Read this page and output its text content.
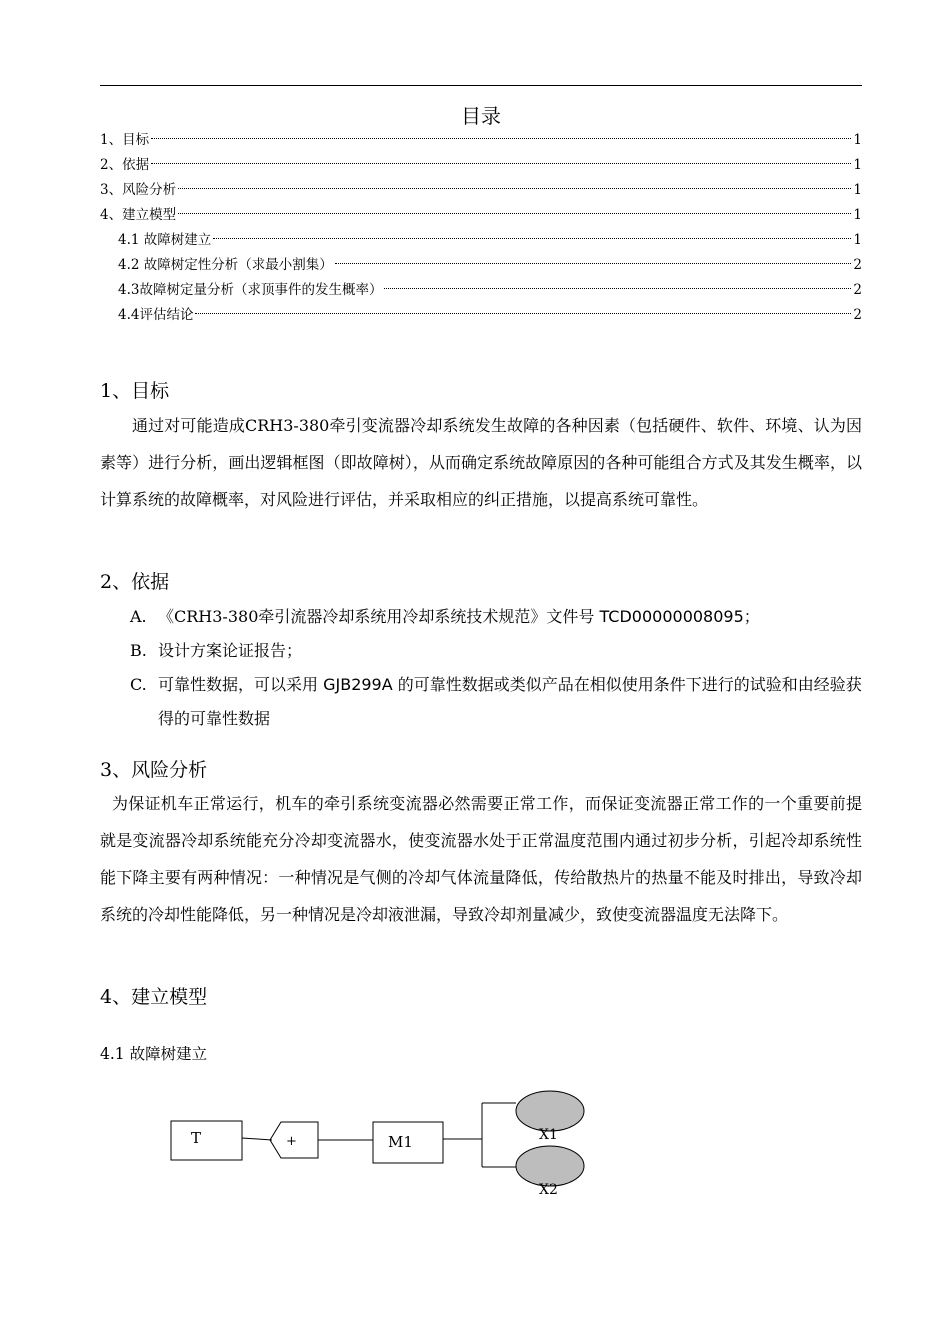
目录
1、目标	1
2、依据	1
3、风险分析	1
4、建立模型	1
4.1 故障树建立	1
4.2 故障树定性分析（求最小割集）	2
4.3故障树定量分析（求顶事件的发生概率）	2
4.4评估结论	2
1、目标
通过对可能造成CRH3-380牵引变流器冷却系统发生故障的各种因素（包括硬件、软件、环境、认为因素等）进行分析，画出逻辑框图（即故障树），从而确定系统故障原因的各种可能组合方式及其发生概率，以计算系统的故障概率，对风险进行评估，并采取相应的纠正措施，以提高系统可靠性。
2、依据
A. 《CRH3-380牵引流器冷却系统用冷却系统技术规范》文件号 TCD00000008095；
B. 设计方案论证报告；
C. 可靠性数据，可以采用 GJB299A 的可靠性数据或类似产品在相似使用条件下进行的试验和由经验获得的可靠性数据
3、风险分析
为保证机车正常运行，机车的牵引系统变流器必然需要正常工作，而保证变流器正常工作的一个重要前提就是变流器冷却系统能充分冷却变流器水，使变流器水处于正常温度范围内通过初步分析，引起冷却系统性能下降主要有两种情况：一种情况是气侧的冷却气体流量降低，传给散热片的热量不能及时排出，导致冷却系统的冷却性能降低，另一种情况是冷却液泄漏，导致冷却剂量减少，致使变流器温度无法降下。
4、建立模型
4.1 故障树建立
T	+	M1	X1
X2
